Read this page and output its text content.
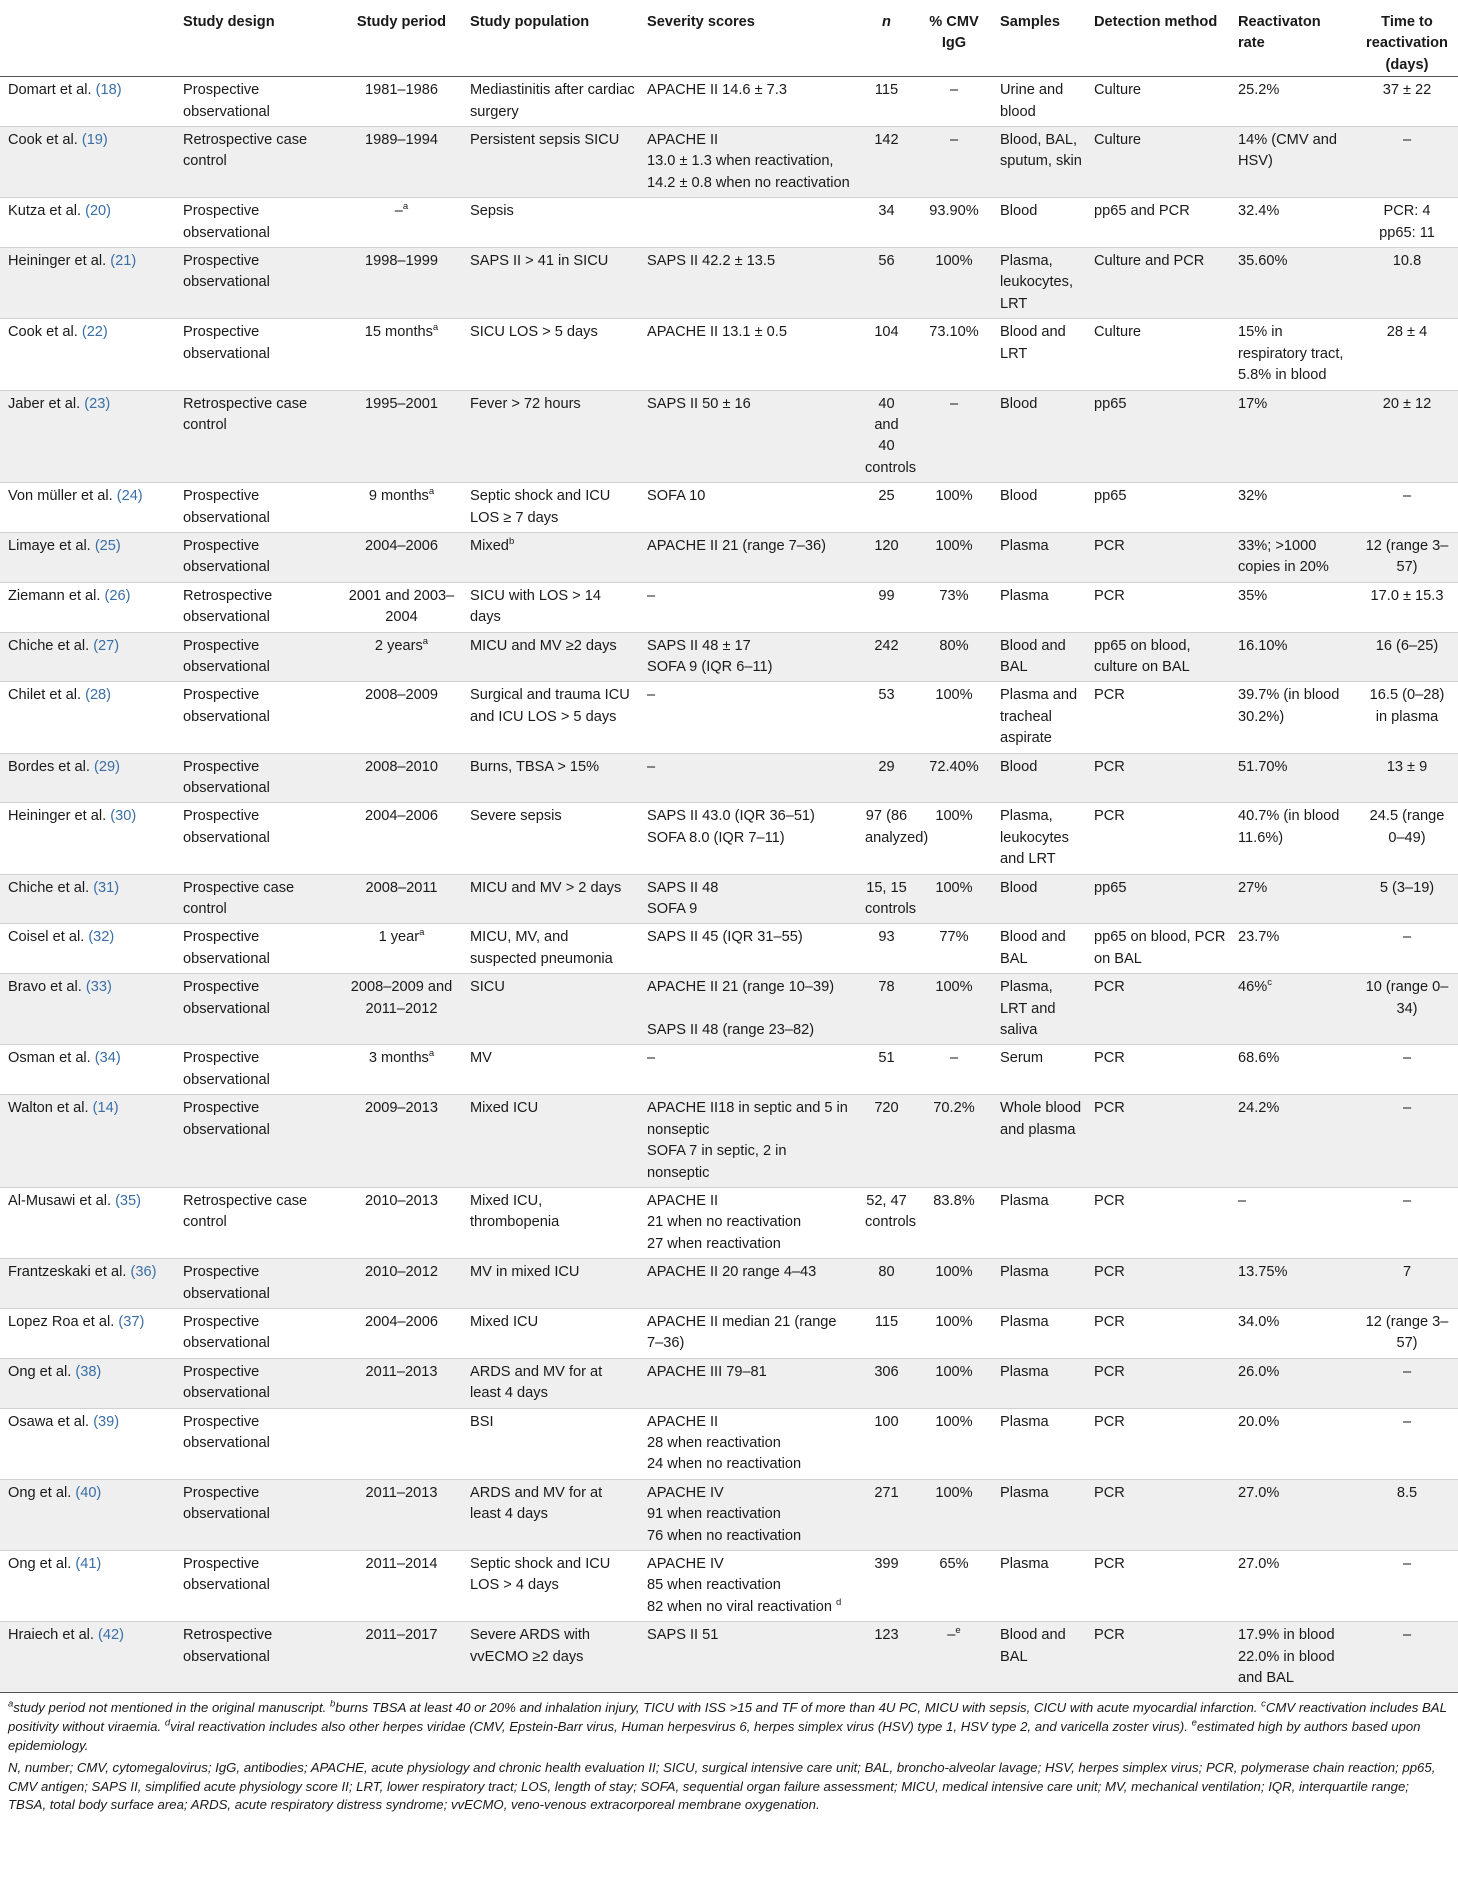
	Study design	Study period	Study population	Severity scores	n	% CMV IgG	Samples	Detection method	Reactivaton rate	Time to reactivation (days)
Domart et al. (18)	Prospective observational	1981–1986	Mediastinitis after cardiac surgery	APACHE II 14.6 ± 7.3	115	–	Urine and blood	Culture	25.2%	37 ± 22
Cook et al. (19)	Retrospective case control	1989–1994	Persistent sepsis SICU	APACHE II
13.0 ± 1.3 when reactivation,
14.2 ± 0.8 when no reactivation	142	–	Blood, BAL, sputum, skin	Culture	14% (CMV and HSV)	–
Kutza et al. (20)	Prospective observational	–$^a$	Sepsis		34	93.90%	Blood	pp65 and PCR	32.4%	PCR: 4
pp65: 11
Heininger et al. (21)	Prospective observational	1998–1999	SAPS II > 41 in SICU	SAPS II 42.2 ± 13.5	56	100%	Plasma, leukocytes, LRT	Culture and PCR	35.60%	10.8
Cook et al. (22)	Prospective observational	15 months$^a$	SICU LOS > 5 days	APACHE II 13.1 ± 0.5	104	73.10%	Blood and LRT	Culture	15% in respiratory tract, 5.8% in blood	28 ± 4
Jaber et al. (23)	Retrospective case control	1995–2001	Fever > 72 hours	SAPS II 50 ± 16	40 and 40 controls	–	Blood	pp65	17%	20 ± 12
Von müller et al. (24)	Prospective observational	9 months$^a$	Septic shock and ICU LOS ≥ 7 days	SOFA 10	25	100%	Blood	pp65	32%	–
Limaye et al. (25)	Prospective observational	2004–2006	Mixed$^b$	APACHE II 21 (range 7–36)	120	100%	Plasma	PCR	33%; >1000 copies in 20%	12 (range 3–57)
Ziemann et al. (26)	Retrospective observational	2001 and 2003–2004	SICU with LOS > 14 days	–	99	73%	Plasma	PCR	35%	17.0 ± 15.3
Chiche et al. (27)	Prospective observational	2 years$^a$	MICU and MV ≥2 days	SAPS II 48 ± 17
SOFA 9 (IQR 6–11)	242	80%	Blood and BAL	pp65 on blood, culture on BAL	16.10%	16 (6–25)
Chilet et al. (28)	Prospective observational	2008–2009	Surgical and trauma ICU and ICU LOS > 5 days	–	53	100%	Plasma and tracheal aspirate	PCR	39.7% (in blood 30.2%)	16.5 (0–28) in plasma
Bordes et al. (29)	Prospective observational	2008–2010	Burns, TBSA > 15%	–	29	72.40%	Blood	PCR	51.70%	13 ± 9
Heininger et al. (30)	Prospective observational	2004–2006	Severe sepsis	SAPS II 43.0 (IQR 36–51)
SOFA 8.0 (IQR 7–11)	97 (86 analyzed)	100%	Plasma, leukocytes and LRT	PCR	40.7% (in blood 11.6%)	24.5 (range 0–49)
Chiche et al. (31)	Prospective case control	2008–2011	MICU and MV > 2 days	SAPS II 48
SOFA 9	15, 15 controls	100%	Blood	pp65	27%	5 (3–19)
Coisel et al. (32)	Prospective observational	1 year$^a$	MICU, MV, and suspected pneumonia	SAPS II 45 (IQR 31–55)	93	77%	Blood and BAL	pp65 on blood, PCR on BAL	23.7%	–
Bravo et al. (33)	Prospective observational	2008–2009 and 2011–2012	SICU	APACHE II 21 (range 10–39)

SAPS II 48 (range 23–82)	78	100%	Plasma, LRT and saliva	PCR	46%$^c$	10 (range 0–34)
Osman et al. (34)	Prospective observational	3 months$^a$	MV	–	51	–	Serum	PCR	68.6%	–
Walton et al. (14)	Prospective observational	2009–2013	Mixed ICU	APACHE II18 in septic and 5 in nonseptic
SOFA 7 in septic, 2 in nonseptic	720	70.2%	Whole blood and plasma	PCR	24.2%	–
Al-Musawi et al. (35)	Retrospective case control	2010–2013	Mixed ICU, thrombopenia	APACHE II
21 when no reactivation
27 when reactivation	52, 47 controls	83.8%	Plasma	PCR	–	–
Frantzeskaki et al. (36)	Prospective observational	2010–2012	MV in mixed ICU	APACHE II 20 range 4–43	80	100%	Plasma	PCR	13.75%	7
Lopez Roa et al. (37)	Prospective observational	2004–2006	Mixed ICU	APACHE II median 21 (range 7–36)	115	100%	Plasma	PCR	34.0%	12 (range 3–57)
Ong et al. (38)	Prospective observational	2011–2013	ARDS and MV for at least 4 days	APACHE III 79–81	306	100%	Plasma	PCR	26.0%	–
Osawa et al. (39)	Prospective observational		BSI	APACHE II
28 when reactivation
24 when no reactivation	100	100%	Plasma	PCR	20.0%	–
Ong et al. (40)	Prospective observational	2011–2013	ARDS and MV for at least 4 days	APACHE IV
91 when reactivation
76 when no reactivation	271	100%	Plasma	PCR	27.0%	8.5
Ong et al. (41)	Prospective observational	2011–2014	Septic shock and ICU LOS > 4 days	APACHE IV
85 when reactivation
82 when no viral reactivation $^d$	399	65%	Plasma	PCR	27.0%	–
Hraiech et al. (42)	Retrospective observational	2011–2017	Severe ARDS with vvECMO ≥2 days	SAPS II 51	123	–$^e$	Blood and BAL	PCR	17.9% in blood 22.0% in blood and BAL	–

$^a$study period not mentioned in the original manuscript. $^b$burns TBSA at least 40 or 20% and inhalation injury, TICU with ISS >15 and TF of more than 4U PC, MICU with sepsis, CICU with acute myocardial infarction. $^c$CMV reactivation includes BAL positivity without viraemia. $^d$viral reactivation includes also other herpes viridae (CMV, Epstein-Barr virus, Human herpesvirus 6, herpes simplex virus (HSV) type 1, HSV type 2, and varicella zoster virus). $^e$estimated high by authors based upon epidemiology.

N, number; CMV, cytomegalovirus; IgG, antibodies; APACHE, acute physiology and chronic health evaluation II; SICU, surgical intensive care unit; BAL, broncho-alveolar lavage; HSV, herpes simplex virus; PCR, polymerase chain reaction; pp65, CMV antigen; SAPS II, simplified acute physiology score II; LRT, lower respiratory tract; LOS, length of stay; SOFA, sequential organ failure assessment; MICU, medical intensive care unit; MV, mechanical ventilation; IQR, interquartile range; TBSA, total body surface area; ARDS, acute respiratory distress syndrome; vvECMO, veno-venous extracorporeal membrane oxygenation.
